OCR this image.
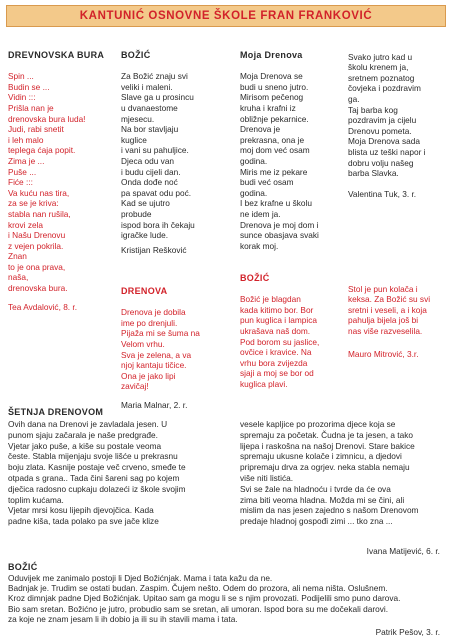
KANTUNIĆ OSNOVNE ŠKOLE FRAN FRANKOVIĆ

DREVNOVSKA BURA

Spin ...
Budin se ...
Vidin :::
Prišla nan je
drenovska bura luda!
Judi, rabi snetit
i leh malo
teplega ćaja popit.
Zima je ...
Puše ...
Fiće :::
Va kuću nas tira,
za se je kriva:
stabla nan rušila,
krovi zela
i Našu Drenovu
z vejen pokrila.
Znan
to je ona prava,
naša,
drenovska bura.

Tea Avdalović, 8. r.

BOŽIĆ

Za Božić znaju svi
veliki i maleni.
Slave ga u prosincu
u dvanaestome
mjesecu.
Na bor stavljaju
kuglice
i vani su pahuljice.
Djeca odu van
i budu cijeli dan.
Onda dođe noć
pa spavat odu poć.
Kad se ujutro
probude
ispod bora ih čekaju
igračke lude.

Kristijan Rešković

DRENOVA

Drenova je dobila
ime po drenjuli.
Pijaža mi se šuma na
Velom vrhu.
Sva je zelena, a va
njoj kantaju tičice.
Ona je jako lipi
zavičaj!

Maria Malnar, 2. r.

Moja Drenova

Moja Drenova se
budi u sneno jutro.
Mirisom pečenog
kruha i krafni iz
obližnje pekarnice.
Drenova je
prekrasna, ona je
moj dom već osam
godina.
Miris me iz pekare
budi već osam
godina.
I bez krafne u školu
ne idem ja.
Drenova je moj dom i
sunce obasjava svaki
korak moj.

BOŽIĆ

Božić je blagdan
kada kitimo bor. Bor
pun kuglica i lampica
ukrašava naš dom.
Pod borom su jaslice,
ovčice i kravice. Na
vrhu bora zvijezda
sjaji a moj se bor od
kuglica plavi.

Svako jutro kad u
školu krenem ja,
sretnem poznatog
čovjeka i pozdravim
ga.
Taj barba kog
pozdravim ja cijelu
Drenovu pometa.
Moja Drenova sada
blista uz teški napor i
dobru volju našeg
barba Slavka.

Valentina Tuk, 3. r.

Stol je pun kolača i
keksa. Za Božić su svi
sretni i veseli, a i koja
pahulja bijela još bi
nas više razveselila.

Mauro Mitrović, 3.r.

ŠETNJA DRENOVOM
Ovih dana na Drenovi je zavladala jesen. U
punom sjaju začarala je naše predgrađe.
Vjetar jako puše, a kiše su postale veoma
česte. Stabla mijenjaju svoje lišće u prekrasnu
boju zlata. Kasnije postaje več crveno, smeđe te
otpada s grana.. Tada čini šareni sag po kojem
dječica radosno cupkaju dolazeći iz škole svojim
toplim kućama.
Vjetar mrsi kosu lijepih djevojčica. Kada
padne kiša, tada polako pa sve jače klize
vesele kapljice po prozorima djece koja se
spremaju za početak. Čudna je ta jesen, a tako
lijepa i raskošna na našoj Drenovi. Stare bakice
spremaju ukusne kolače i zimnicu, a djedovi
pripremaju drva za ogrjev. neka stabla nemaju
više niti listića.
Svi se žale na hladnoću i tvrde da će ova
zima biti veoma hladna. Možda mi se čini, ali
mislim da nas jesen zajedno s našom Drenovom
predaje hladnoj gospođi zimi ... tko zna ...
Ivana Matijević, 6. r.
BOŽIĆ
Oduvijek me zanimalo postoji li Djed Božićnjak. Mama i tata kažu da ne.
Badnjak je. Trudim se ostati budan. Zaspim. Čujem nešto. Odem do prozora, ali nema ništa. Oslušnem.
Kroz dimnjak padne Djed Božićnjak. Upitao sam ga mogu li se s njim provozati. Podijelili smo puno darova.
Bio sam sretan. Božićno je jutro, probudio sam se sretan, ali umoran. Ispod bora su me dočekali darovi.
za koje ne znam jesam li ih dobio ja ili su ih stavili mama i tata.
Patrik Pešov, 3. r.
